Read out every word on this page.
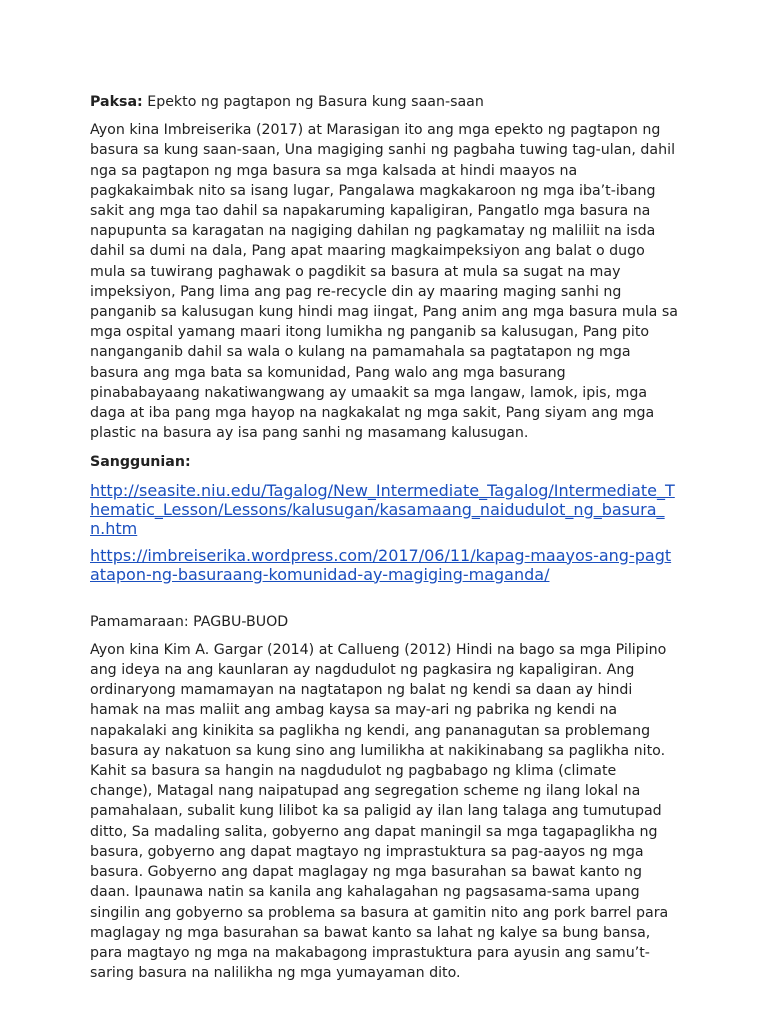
Paksa: Epekto ng pagtapon ng Basura kung saan-saan

Ayon kina Imbreiserika (2017) at Marasigan ito ang mga epekto ng pagtapon ng basura sa kung saan-saan, Una magiging sanhi ng pagbaha tuwing tag-ulan, dahil nga sa pagtapon ng mga basura sa mga kalsada at hindi maayos na pagkakaimbak nito sa isang lugar, Pangalawa magkakaroon ng mga iba’t-ibang sakit ang mga tao dahil sa napakaruming kapaligiran, Pangatlo mga basura na napupunta sa karagatan na nagiging dahilan ng pagkamatay ng maliliit na isda dahil sa dumi na dala, Pang apat maaring magkaimpeksiyon ang balat o dugo mula sa tuwirang paghawak o pagdikit sa basura at mula sa sugat na may impeksiyon, Pang lima ang pag re-recycle din ay maaring maging sanhi ng panganib sa kalusugan kung hindi mag iingat, Pang anim ang mga basura mula sa mga ospital yamang maari itong lumikha ng panganib sa kalusugan, Pang pito nanganganib dahil sa wala o kulang na pamamahala sa pagtatapon ng mga basura ang mga bata sa komunidad, Pang walo ang mga basurang pinababayaang nakatiwangwang ay umaakit sa mga langaw, lamok, ipis, mga daga at iba pang mga hayop na nagkakalat ng mga sakit, Pang siyam ang mga plastic na basura ay isa pang sanhi ng masamang kalusugan.

Sanggunian:

http://seasite.niu.edu/Tagalog/New_Intermediate_Tagalog/Intermediate_Thematic_Lesson/Lessons/kalusugan/kasamaang_naidudulot_ng_basura_n.htm
https://imbreiserika.wordpress.com/2017/06/11/kapag-maayos-ang-pagtatapon-ng-basuraang-komunidad-ay-magiging-maganda/

Pamamaraan: PAGBU-BUOD

Ayon kina Kim A. Gargar (2014) at Callueng (2012) Hindi na bago sa mga Pilipino ang ideya na ang kaunlaran ay nagdudulot ng pagkasira ng kapaligiran. Ang ordinaryong mamamayan na nagtatapon ng balat ng kendi sa daan ay hindi hamak na mas maliit ang ambag kaysa sa may-ari ng pabrika ng kendi na napakalaki ang kinikita sa paglikha ng kendi, ang pananagutan sa problemang basura ay nakatuon sa kung sino ang lumilikha at nakikinabang sa paglikha nito. Kahit sa basura sa hangin na nagdudulot ng pagbabago ng klima (climate change), Matagal nang naipatupad ang segregation scheme ng ilang lokal na pamahalaan, subalit kung lilibot ka sa paligid ay ilan lang talaga ang tumutupad ditto, Sa madaling salita, gobyerno ang dapat maningil sa mga tagapaglikha ng basura, gobyerno ang dapat magtayo ng imprastuktura sa pag-aayos ng mga basura. Gobyerno ang dapat maglagay ng mga basurahan sa bawat kanto ng daan. Ipaunawa natin sa kanila ang kahalagahan ng pagsasama-sama upang singilin ang gobyerno sa problema sa basura at gamitin nito ang pork barrel para maglagay ng mga basurahan sa bawat kanto sa lahat ng kalye sa bung bansa, para magtayo ng mga na makabagong imprastuktura para ayusin ang samu’t-saring basura na nalilikha ng mga yumayaman dito.
